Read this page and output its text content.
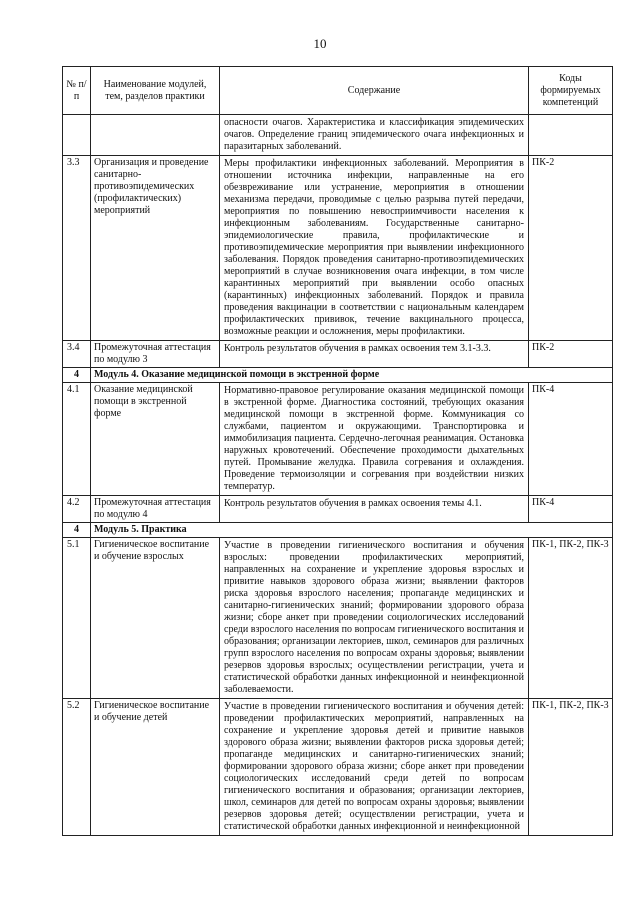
10
№ п/п	Наименование модулей, тем, разделов практики	Содержание	Коды формируемых компетенций
		опасности очагов. Характеристика и классификация эпидемических очагов. Определение границ эпидемического очага инфекционных и паразитарных заболеваний.	
3.3	Организация и проведение санитарно-противоэпидемических (профилактических) мероприятий	Меры профилактики инфекционных заболеваний. Мероприятия в отношении источника инфекции, направленные на его обезвреживание или устранение, мероприятия в отношении механизма передачи, проводимые с целью разрыва путей передачи, мероприятия по повышению невосприимчивости населения к инфекционным заболеваниям. Государственные санитарно-эпидемиологические правила, профилактические и противоэпидемические мероприятия при выявлении инфекционного заболевания. Порядок проведения санитарно-противоэпидемических мероприятий в случае возникновения очага инфекции, в том числе карантинных мероприятий при выявлении особо опасных (карантинных) инфекционных заболеваний. Порядок и правила проведения вакцинации в соответствии с национальным календарем профилактических прививок, течение вакцинального процесса, возможные реакции и осложнения, меры профилактики.	ПК-2
3.4	Промежуточная аттестация по модулю 3	Контроль результатов обучения в рамках освоения тем 3.1-3.3.	ПК-2
4	Модуль 4. Оказание медицинской помощи в экстренной форме		
4.1	Оказание медицинской помощи в экстренной форме	Нормативно-правовое регулирование оказания медицинской помощи в экстренной форме. Диагностика состояний, требующих оказания медицинской помощи в экстренной форме. Коммуникация со службами, пациентом и окружающими. Транспортировка и иммобилизация пациента. Сердечно-легочная реанимация. Остановка наружных кровотечений. Обеспечение проходимости дыхательных путей. Промывание желудка. Правила согревания и охлаждения. Проведение термоизоляции и согревания при воздействии низких температур.	ПК-4
4.2	Промежуточная аттестация по модулю 4	Контроль результатов обучения в рамках освоения темы 4.1.	ПК-4
4	Модуль 5. Практика		
5.1	Гигиеническое воспитание и обучение взрослых	Участие в проведении гигиенического воспитания и обучения взрослых: проведении профилактических мероприятий, направленных на сохранение и укрепление здоровья взрослых и привитие навыков здорового образа жизни; выявлении факторов риска здоровья взрослого населения; пропаганде медицинских и санитарно-гигиенических знаний; формировании здорового образа жизни; сборе анкет при проведении социологических исследований среди взрослого населения по вопросам гигиенического воспитания и образования; организации лекториев, школ, семинаров для различных групп взрослого населения по вопросам охраны здоровья; выявлении резервов здоровья взрослых; осуществлении регистрации, учета и статистической обработки данных инфекционной и неинфекционной заболеваемости.	ПК-1, ПК-2, ПК-3
5.2	Гигиеническое воспитание и обучение детей	Участие в проведении гигиенического воспитания и обучения детей: проведении профилактических мероприятий, направленных на сохранение и укрепление здоровья детей и привитие навыков здорового образа жизни; выявлении факторов риска здоровья детей; пропаганде медицинских и санитарно-гигиенических знаний; формировании здорового образа жизни; сборе анкет при проведении социологических исследований среди детей по вопросам гигиенического воспитания и образования; организации лекториев, школ, семинаров для детей по вопросам охраны здоровья; выявлении резервов здоровья детей; осуществлении регистрации, учета и статистической обработки данных инфекционной и неинфекционной	ПК-1, ПК-2, ПК-3
